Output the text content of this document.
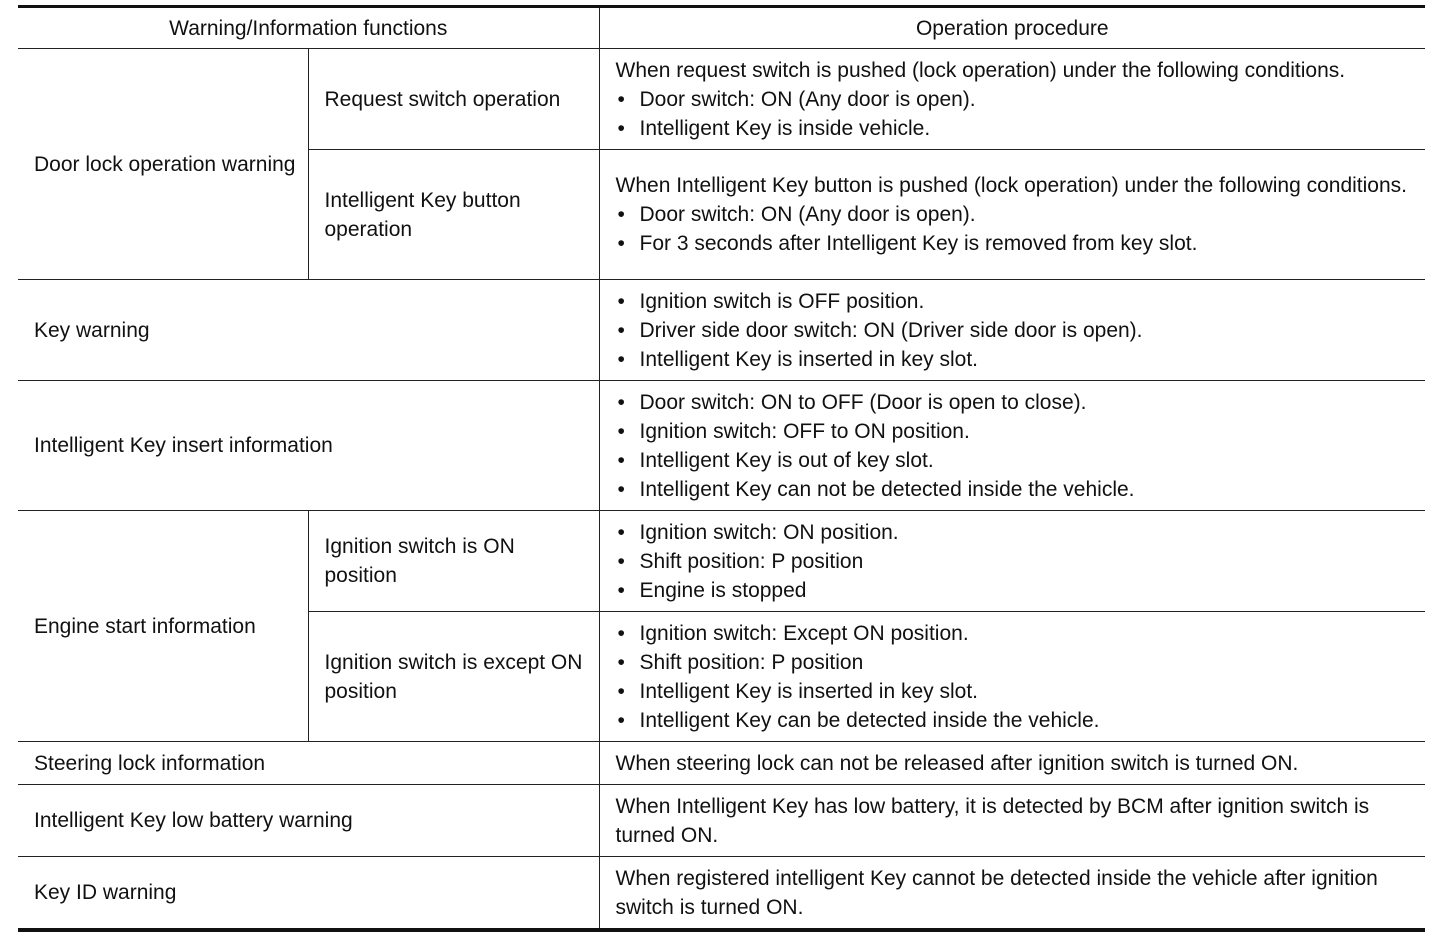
Warning/Information functions		Operation procedure
Door lock operation warning	Request switch operation	When request switch is pushed (lock operation) under the following conditions.
• Door switch: ON (Any door is open).
• Intelligent Key is inside vehicle.

	Intelligent Key button operation	When Intelligent Key button is pushed (lock operation) under the following conditions.
• Door switch: ON (Any door is open).
• For 3 seconds after Intelligent Key is removed from key slot.

Key warning		• Ignition switch is OFF position.
• Driver side door switch: ON (Driver side door is open).
• Intelligent Key is inserted in key slot.

Intelligent Key insert information		• Door switch: ON to OFF (Door is open to close).
• Ignition switch: OFF to ON position.
• Intelligent Key is out of key slot.
• Intelligent Key can not be detected inside the vehicle.

Engine start information	Ignition switch is ON position	• Ignition switch: ON position.
• Shift position: P position
• Engine is stopped

	Ignition switch is except ON position	• Ignition switch: Except ON position.
• Shift position: P position
• Intelligent Key is inserted in key slot.
• Intelligent Key can be detected inside the vehicle.

Steering lock information		When steering lock can not be released after ignition switch is turned ON.
Intelligent Key low battery warning		When Intelligent Key has low battery, it is detected by BCM after ignition switch is turned ON.
Key ID warning		When registered intelligent Key cannot be detected inside the vehicle after ignition switch is turned ON.
